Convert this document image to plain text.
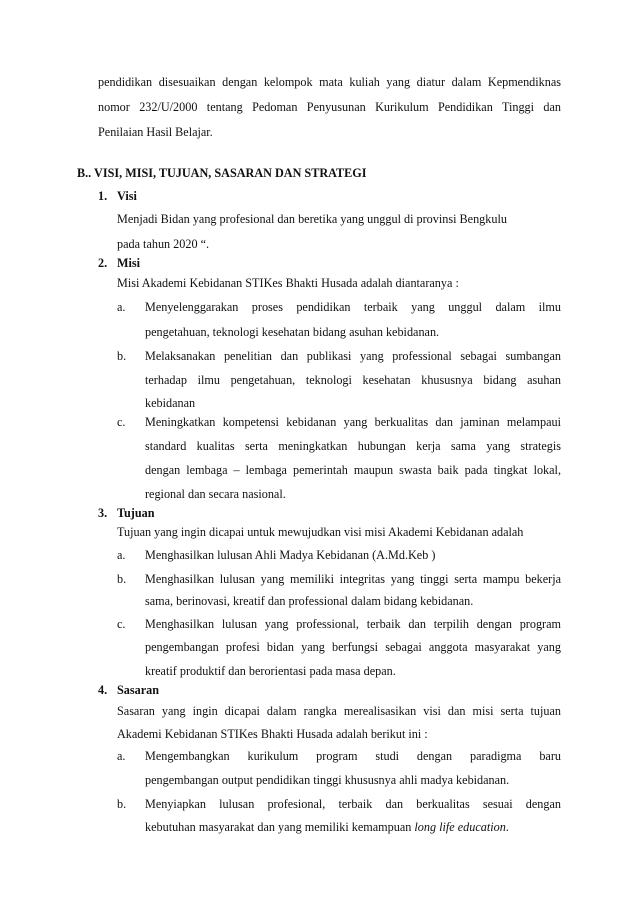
pendidikan disesuaikan dengan kelompok mata kuliah yang diatur dalam Kepmendiknas
nomor 232/U/2000 tentang Pedoman Penyusunan Kurikulum Pendidikan Tinggi dan
Penilaian Hasil Belajar.
B.. VISI, MISI, TUJUAN, SASARAN DAN STRATEGI
1. Visi
Menjadi Bidan yang profesional dan beretika yang unggul di provinsi Bengkulu
pada tahun 2020 “.
2. Misi
Misi Akademi Kebidanan STIKes Bhakti Husada adalah diantaranya :
a. Menyelenggarakan proses pendidikan terbaik yang unggul dalam ilmu
pengetahuan, teknologi kesehatan bidang asuhan kebidanan.
b. Melaksanakan penelitian dan publikasi yang professional sebagai sumbangan
terhadap ilmu pengetahuan, teknologi kesehatan khususnya bidang asuhan
kebidanan
c. Meningkatkan kompetensi kebidanan yang berkualitas dan jaminan melampaui
standard kualitas serta meningkatkan hubungan kerja sama yang strategis
dengan lembaga – lembaga pemerintah maupun swasta baik pada tingkat lokal,
regional dan secara nasional.
3. Tujuan
Tujuan yang ingin dicapai untuk mewujudkan visi misi Akademi Kebidanan adalah
a. Menghasilkan lulusan Ahli Madya Kebidanan (A.Md.Keb )
b. Menghasilkan lulusan yang memiliki integritas yang tinggi serta mampu bekerja
sama, berinovasi, kreatif dan professional dalam bidang kebidanan.
c. Menghasilkan lulusan yang professional, terbaik dan terpilih dengan program
pengembangan profesi bidan yang berfungsi sebagai anggota masyarakat yang
kreatif produktif dan berorientasi pada masa depan.
4. Sasaran
Sasaran yang ingin dicapai dalam rangka merealisasikan visi dan misi serta tujuan
Akademi Kebidanan STIKes Bhakti Husada adalah berikut ini :
a. Mengembangkan kurikulum program studi dengan paradigma baru
pengembangan output pendidikan tinggi khususnya ahli madya kebidanan.
b. Menyiapkan lulusan profesional, terbaik dan berkualitas sesuai dengan
kebutuhan masyarakat dan yang memiliki kemampuan long life education.
